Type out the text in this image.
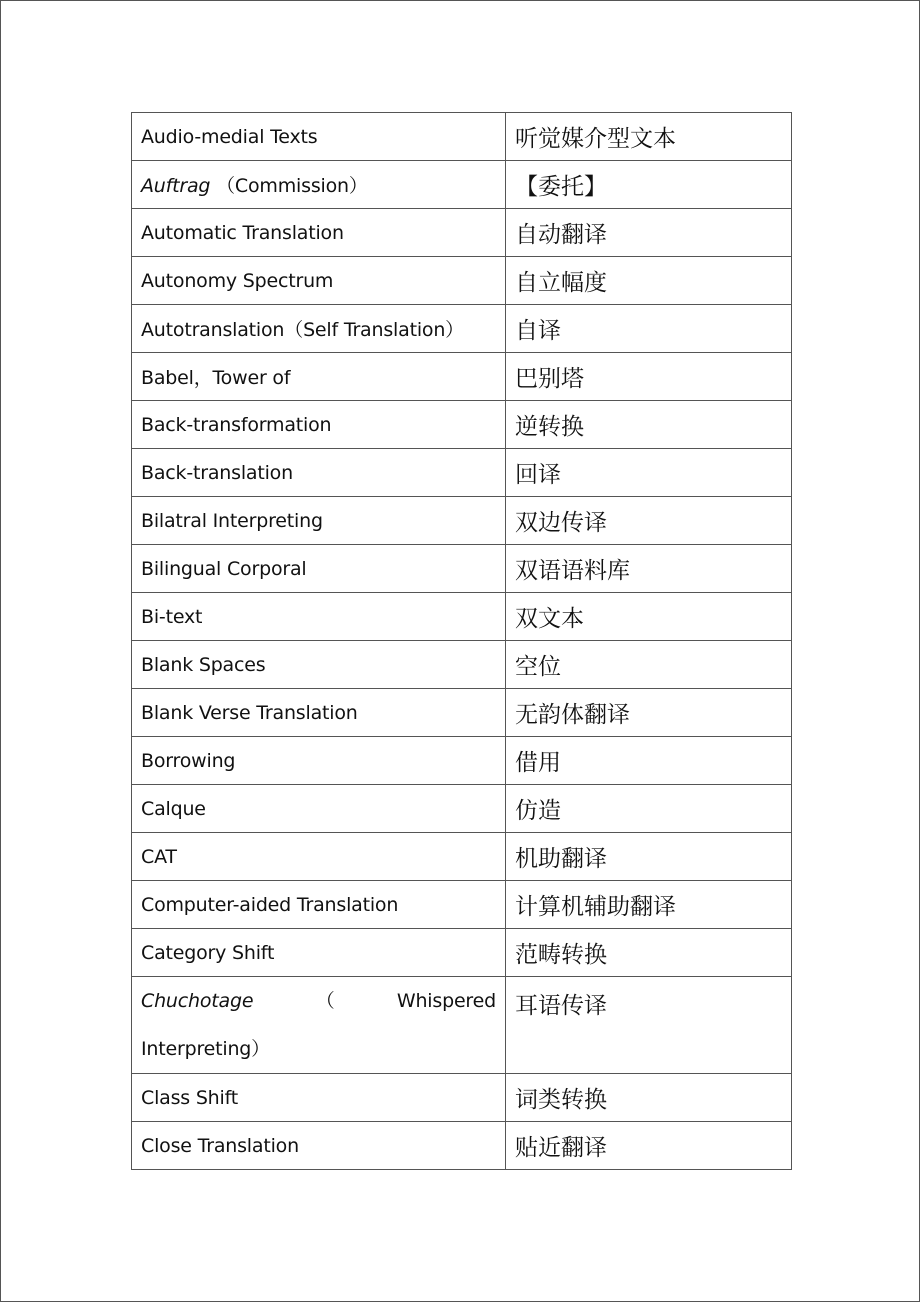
Audio-medial Texts	听觉媒介型文本
Auftrag （Commission）	【委托】
Automatic Translation	自动翻译
Autonomy Spectrum	自立幅度
Autotranslation（Self Translation）	自译
Babel，Tower of	巴别塔
Back-transformation	逆转换
Back-translation	回译
Bilatral Interpreting	双边传译
Bilingual Corporal	双语语料库
Bi-text	双文本
Blank Spaces	空位
Blank Verse Translation	无韵体翻译
Borrowing	借用
Calque	仿造
CAT	机助翻译
Computer-aided Translation	计算机辅助翻译
Category Shift	范畴转换

Chuchotage （ Whispered
Interpreting）	耳语传译
Class Shift	词类转换
Close Translation	贴近翻译
